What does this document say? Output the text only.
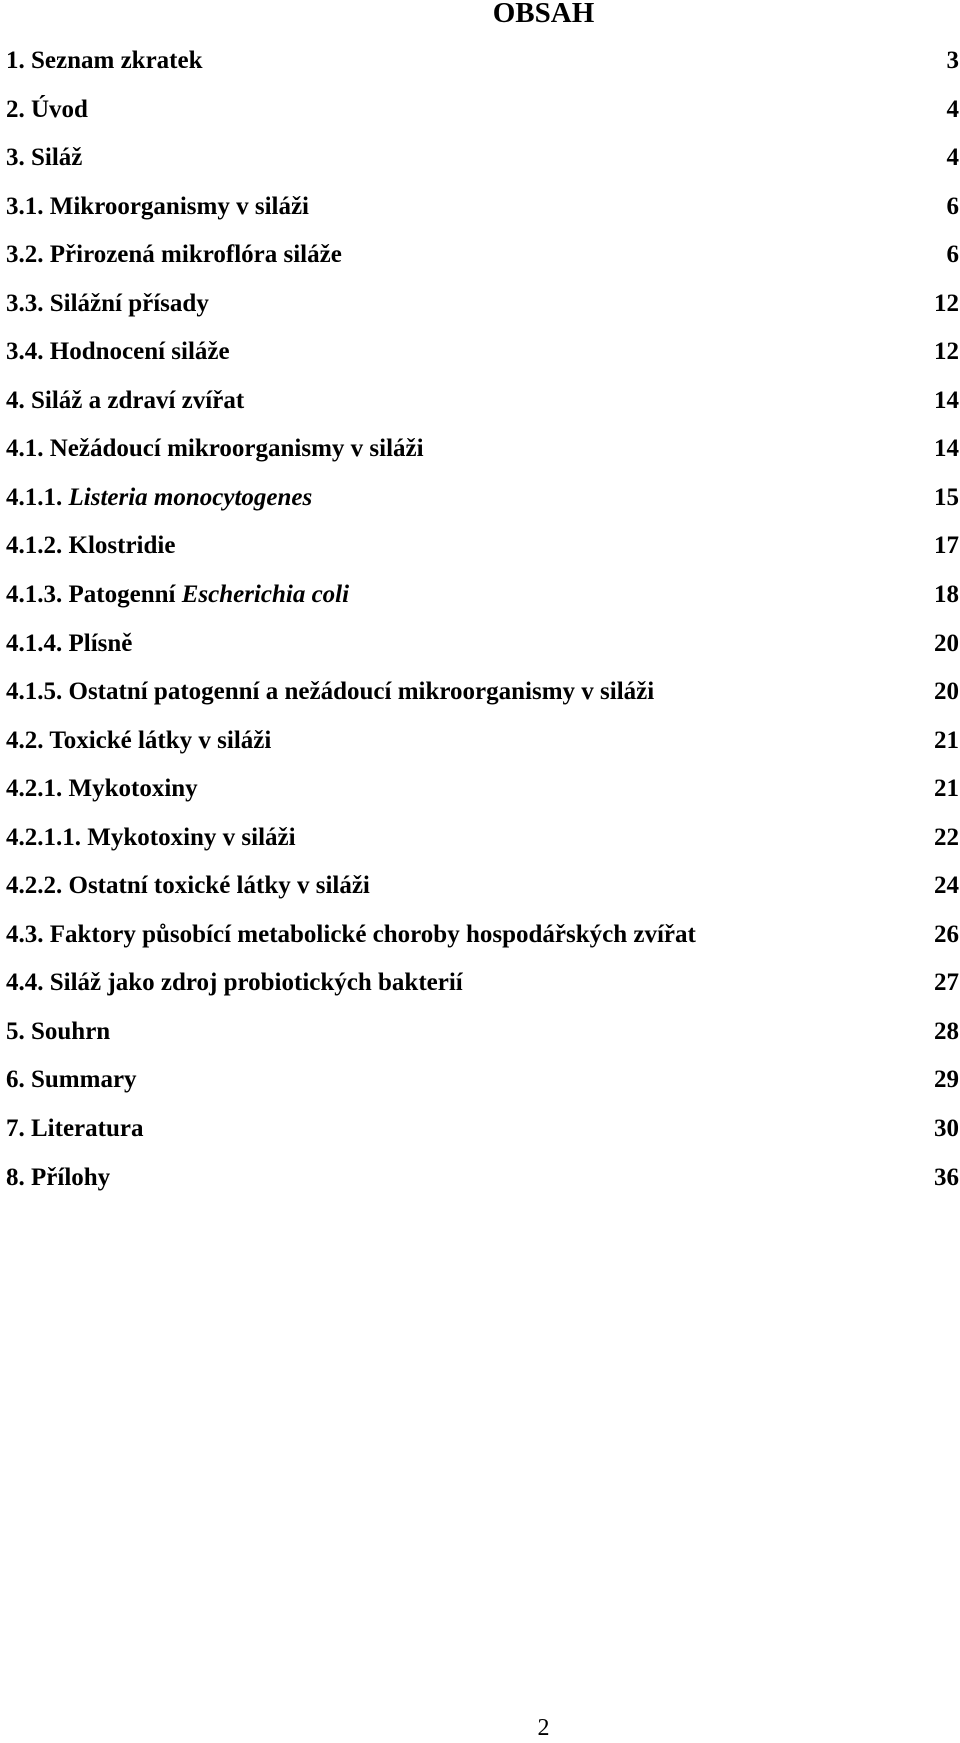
OBSAH
1. Seznam zkratek	3
2. Úvod	4
3. Siláž	4
3.1. Mikroorganismy v siláži	6
3.2. Přirozená mikroflóra siláže	6
3.3. Silážní přísady	12
3.4. Hodnocení siláže	12
4. Siláž a zdraví zvířat	14
4.1. Nežádoucí mikroorganismy v siláži	14
4.1.1. Listeria monocytogenes	15
4.1.2. Klostridie	17
4.1.3. Patogenní Escherichia coli	18
4.1.4. Plísně	20
4.1.5. Ostatní patogenní a nežádoucí mikroorganismy v siláži	20
4.2. Toxické látky v siláži	21
4.2.1. Mykotoxiny	21
4.2.1.1. Mykotoxiny v siláži	22
4.2.2. Ostatní toxické látky v siláži	24
4.3. Faktory působící metabolické choroby hospodářských zvířat	26
4.4. Siláž jako zdroj probiotických bakterií	27
5. Souhrn	28
6. Summary	29
7. Literatura	30
8. Přílohy	36
2
